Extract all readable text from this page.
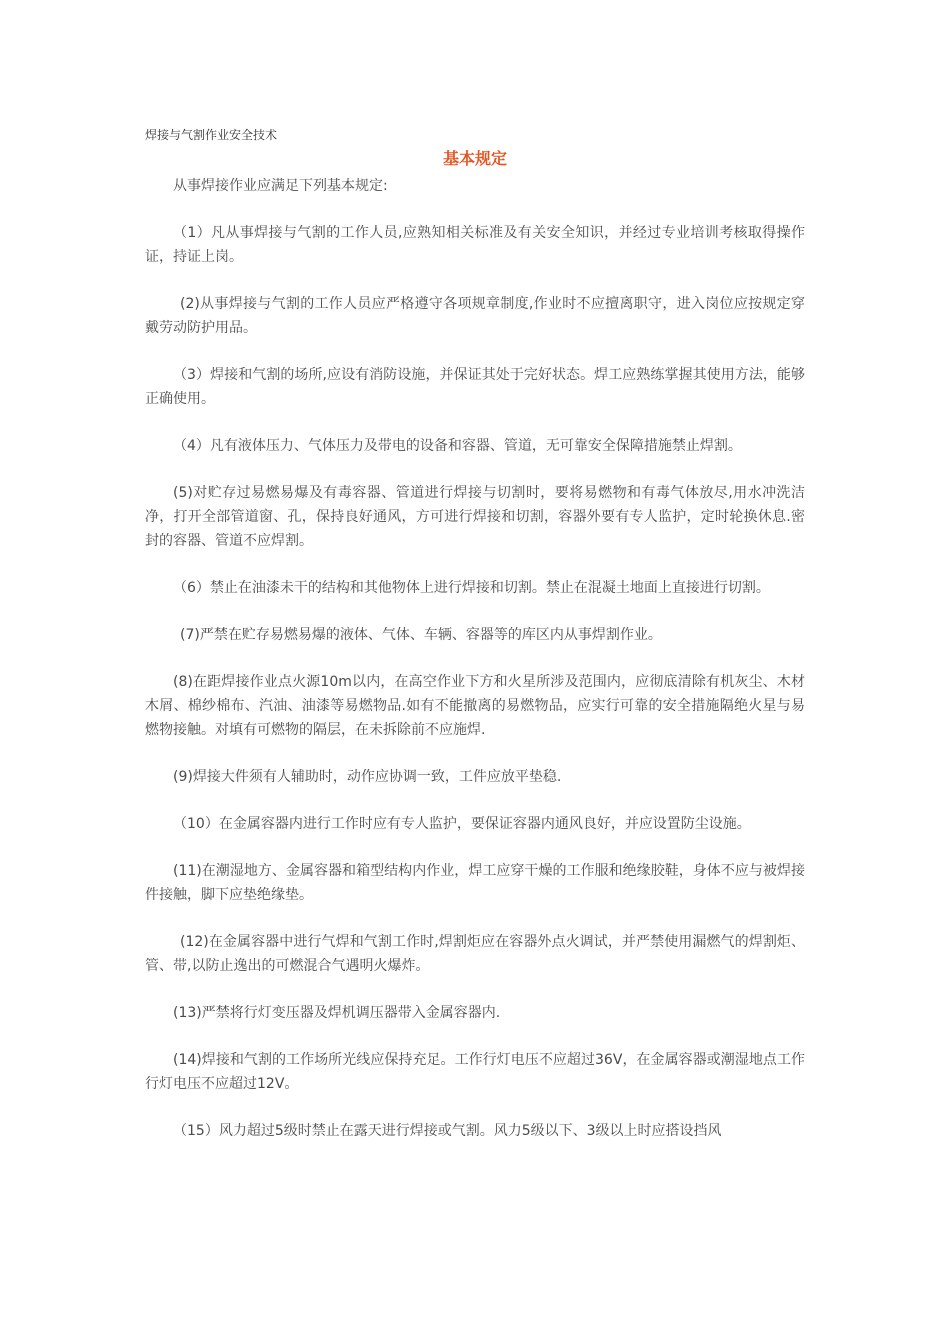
焊接与气割作业安全技术

基本规定

从事焊接作业应满足下列基本规定:

（1）凡从事焊接与气割的工作人员,应熟知相关标准及有关安全知识，并经过专业培训考核取得操作证，持证上岗。

(2)从事焊接与气割的工作人员应严格遵守各项规章制度,作业时不应擅离职守，进入岗位应按规定穿戴劳动防护用品。

（3）焊接和气割的场所,应设有消防设施，并保证其处于完好状态。焊工应熟练掌握其使用方法，能够正确使用。

（4）凡有液体压力、气体压力及带电的设备和容器、管道，无可靠安全保障措施禁止焊割。

(5)对贮存过易燃易爆及有毒容器、管道进行焊接与切割时，要将易燃物和有毒气体放尽,用水冲洗洁净，打开全部管道窗、孔，保持良好通风，方可进行焊接和切割，容器外要有专人监护，定时轮换休息.密封的容器、管道不应焊割。

（6）禁止在油漆未干的结构和其他物体上进行焊接和切割。禁止在混凝土地面上直接进行切割。

(7)严禁在贮存易燃易爆的液体、气体、车辆、容器等的库区内从事焊割作业。

(8)在距焊接作业点火源10m以内，在高空作业下方和火星所涉及范围内，应彻底清除有机灰尘、木材木屑、棉纱棉布、汽油、油漆等易燃物品.如有不能撤离的易燃物品，应实行可靠的安全措施隔绝火星与易燃物接触。对填有可燃物的隔层，在未拆除前不应施焊.

(9)焊接大件须有人辅助时，动作应协调一致，工件应放平垫稳.

（10）在金属容器内进行工作时应有专人监护，要保证容器内通风良好，并应设置防尘设施。

(11)在潮湿地方、金属容器和箱型结构内作业，焊工应穿干燥的工作服和绝缘胶鞋，身体不应与被焊接件接触，脚下应垫绝缘垫。

(12)在金属容器中进行气焊和气割工作时,焊割炬应在容器外点火调试，并严禁使用漏燃气的焊割炬、管、带,以防止逸出的可燃混合气遇明火爆炸。

(13)严禁将行灯变压器及焊机调压器带入金属容器内.

(14)焊接和气割的工作场所光线应保持充足。工作行灯电压不应超过36V，在金属容器或潮湿地点工作行灯电压不应超过12V。

（15）风力超过5级时禁止在露天进行焊接或气割。风力5级以下、3级以上时应搭设挡风
